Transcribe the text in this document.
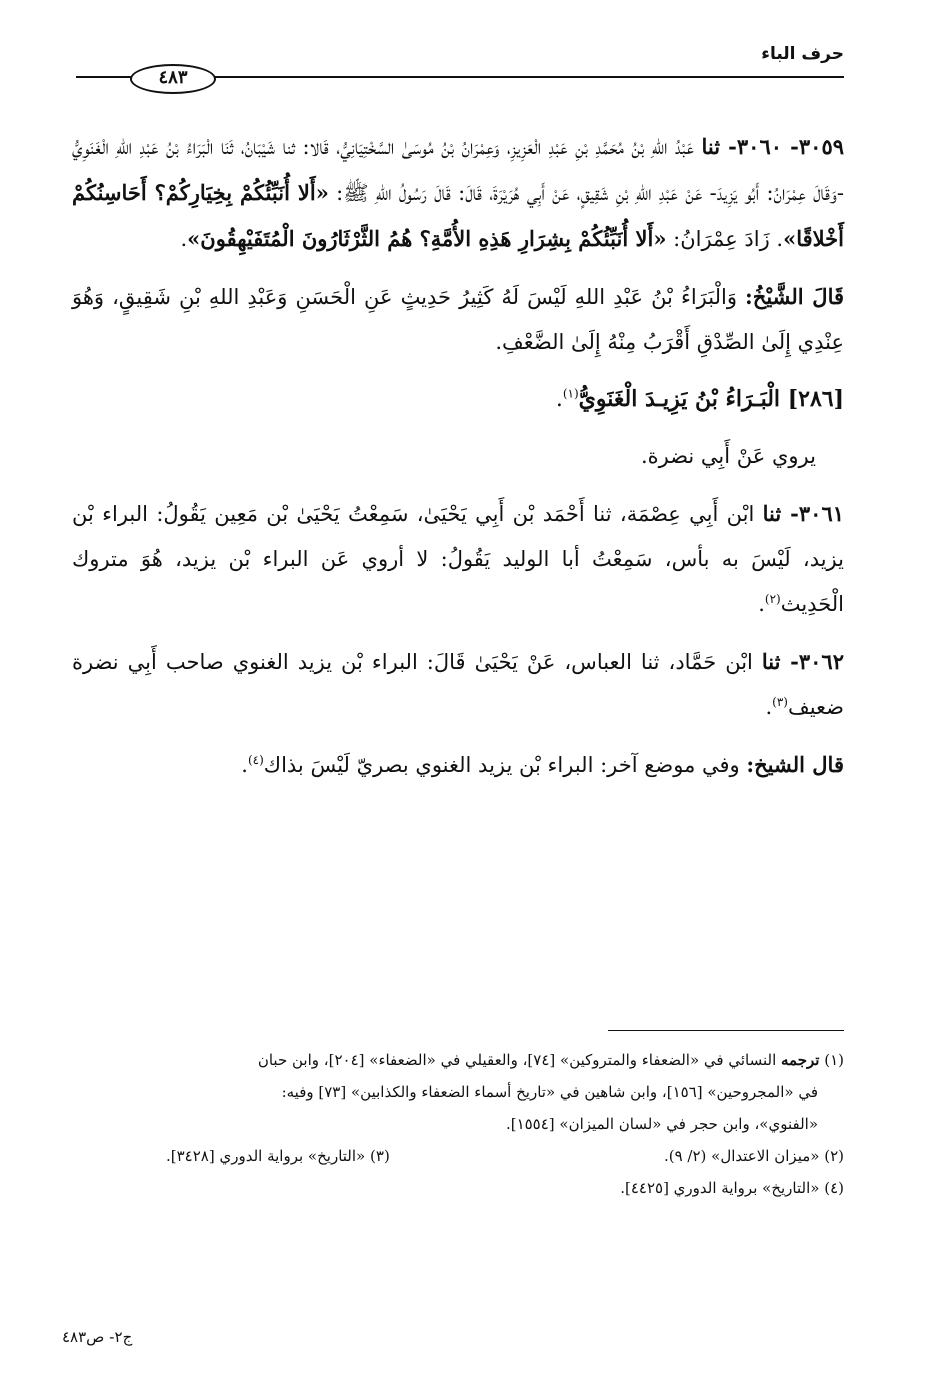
حرف الباء
٤٨٣

٣٠٥٩- ٣٠٦٠- ثنا عَبْدُ اللهِ بْنُ مُحَمَّدِ بْنِ عَبْدِ الْعَزِيزِ، وَعِمْرَانُ بْنُ مُوسَىٰ السَّخْتِيَانِيُّ، قَالا: ثنا شَيْبَانُ، ثَنَا الْبَرَاءُ بْنُ عَبْدِ اللهِ الْغَنَوِيُّ -وَقَالَ عِمْرَانُ: أَبُو يَزِيدَ- عَنْ عَبْدِ اللهِ بْنِ شَقِيقٍ، عَنْ أَبِي هُرَيْرَةَ، قَالَ: قَالَ رَسُولُ اللهِ ﷺ: «أَلا أُنَبِّئُكُمْ بِخِيَارِكُمْ؟ أَحَاسِنُكُمْ أَخْلاقًا». زَادَ عِمْرَانُ: «أَلا أُنَبِّئُكُمْ بِشِرَارِ هَذِهِ الأُمَّةِ؟ هُمُ الثَّرْثَارُونَ الْمُتَفَيْهِقُونَ».

قَالَ الشَّيْخُ: وَالْبَرَاءُ بْنُ عَبْدِ اللهِ لَيْسَ لَهُ كَثِيرُ حَدِيثٍ عَنِ الْحَسَنِ وَعَبْدِ اللهِ بْنِ شَقِيقٍ، وَهُوَ عِنْدِي إِلَىٰ الصِّدْقِ أَقْرَبُ مِنْهُ إِلَىٰ الضَّعْفِ.

[٢٨٦] الْبَـرَاءُ بْنُ يَزِيـدَ الْغَنَوِيُّ$^{(١)}$.

يروي عَنْ أَبِي نضرة.

٣٠٦١- ثنا ابْن أَبِي عِصْمَة، ثنا أَحْمَد بْن أَبِي يَحْيَىٰ، سَمِعْتُ يَحْيَىٰ بْن مَعِين يَقُولُ: البراء بْن يزيد، لَيْسَ به بأس، سَمِعْتُ أبا الوليد يَقُولُ: لا أروي عَن البراء بْن يزيد، هُوَ متروك الْحَدِيث$^{(٢)}$.

٣٠٦٢- ثنا ابْن حَمَّاد، ثنا العباس، عَنْ يَحْيَىٰ قَالَ: البراء بْن يزيد الغنوي صاحب أَبِي نضرة ضعيف$^{(٣)}$.

قال الشيخ: وفي موضع آخر: البراء بْن يزيد الغنوي بصريّ لَيْسَ بذاك$^{(٤)}$.

(١) ترجمه النسائي في «الضعفاء والمتروكين» [٧٤]، والعقيلي في «الضعفاء» [٢٠٤]، وابن حبان

في «المجروحين» [١٥٦]، وابن شاهين في «تاريخ أسماء الضعفاء والكذابين» [٧٣] وفيه:

«الفنوي»، وابن حجر في «لسان الميزان» [١٥٥٤].

(٢) «ميزان الاعتدال» (٢/ ٩).

(٣) «التاريخ» برواية الدوري [٣٤٢٨].

(٤) «التاريخ» برواية الدوري [٤٤٢٥].

ج٢- ص٤٨٣
